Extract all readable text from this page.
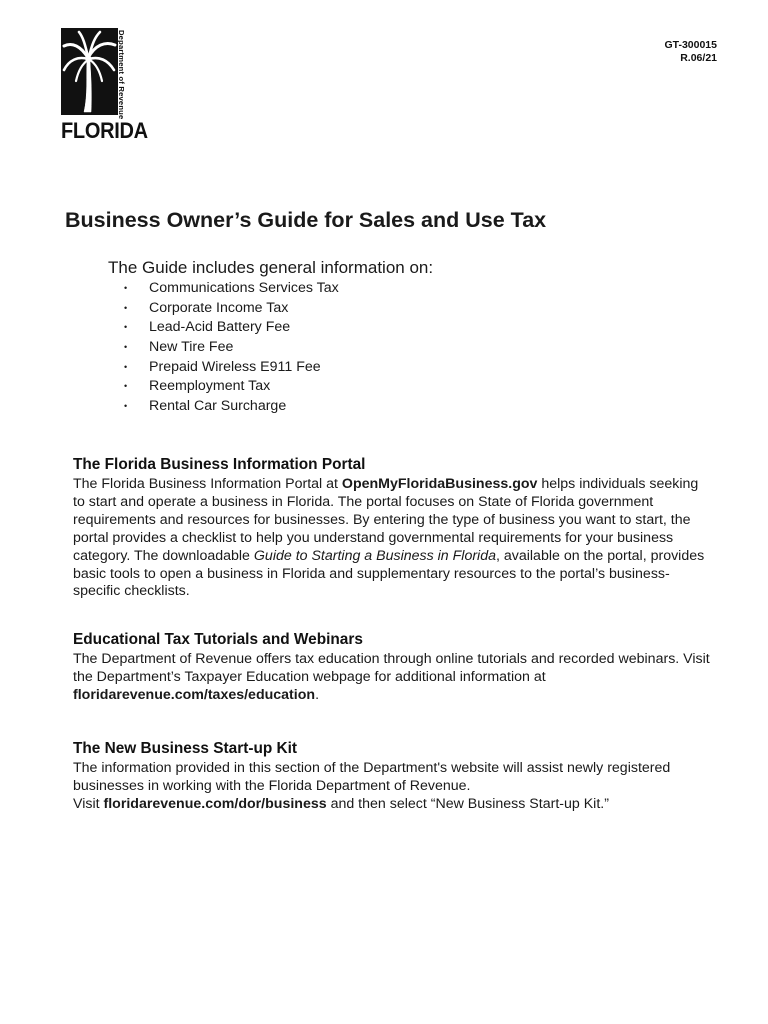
Department of Revenue
FLORIDA
GT-300015
R.06/21
Business Owner’s Guide for Sales and Use Tax
The Guide includes general information on:
• Communications Services Tax
• Corporate Income Tax
• Lead-Acid Battery Fee
• New Tire Fee
• Prepaid Wireless E911 Fee
• Reemployment Tax
• Rental Car Surcharge
The Florida Business Information Portal

The Florida Business Information Portal at OpenMyFloridaBusiness.gov helps individuals seeking to start and operate a business in Florida. The portal focuses on State of Florida government requirements and resources for businesses. By entering the type of business you want to start, the portal provides a checklist to help you understand governmental requirements for your business category. The downloadable Guide to Starting a Business in Florida, available on the portal, provides basic tools to open a business in Florida and supplementary resources to the portal’s business-specific checklists.

Educational Tax Tutorials and Webinars

The Department of Revenue offers tax education through online tutorials and recorded webinars. Visit the Department’s Taxpayer Education webpage for additional information at floridarevenue.com/taxes/education.

The New Business Start-up Kit

The information provided in this section of the Department's website will assist newly registered businesses in working with the Florida Department of Revenue.
Visit floridarevenue.com/dor/business and then select “New Business Start-up Kit.”
